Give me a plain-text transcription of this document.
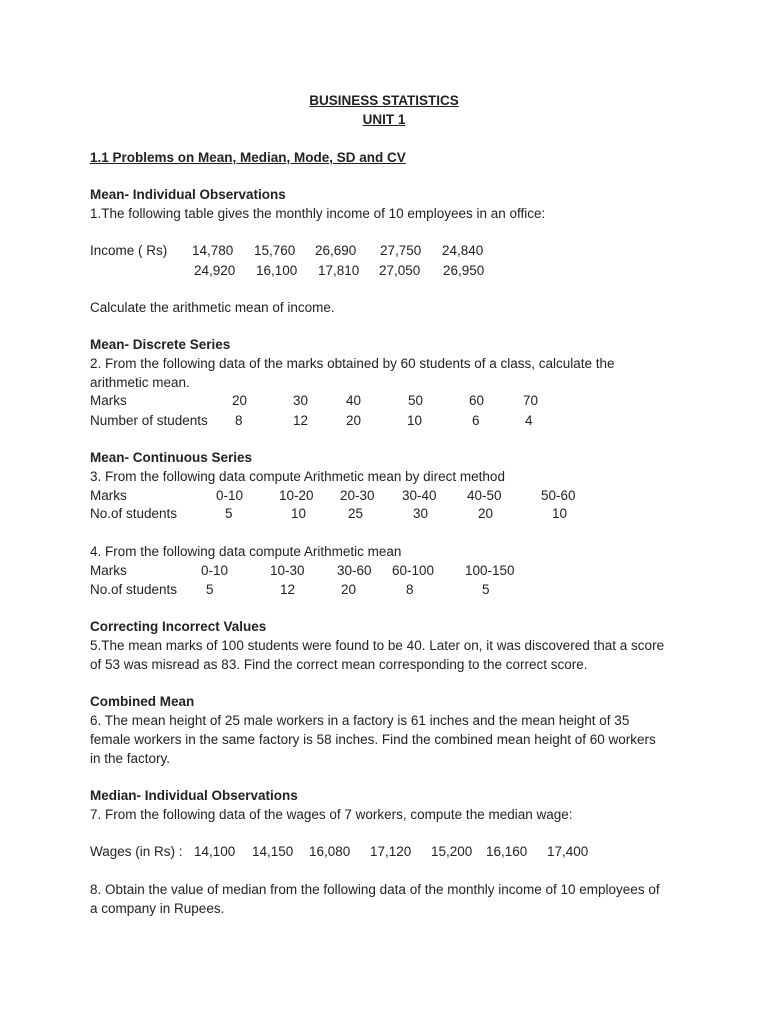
BUSINESS STATISTICS
UNIT 1
1.1 Problems on Mean, Median, Mode, SD and CV
Mean- Individual Observations
1.The following table gives the monthly income of 10 employees in an office:
Income ( Rs) 14,780 15,760 26,690 27,750 24,840
24,920 16,100 17,810 27,050 26,950
Calculate the arithmetic mean of income.
Mean- Discrete Series
2. From the following data of the marks obtained by 60 students of a class, calculate the
arithmetic mean.
Marks	20	30	40	50	60	70
Number of students 8	12	20	10	6	4
Mean- Continuous Series
3. From the following data compute Arithmetic mean by direct method
Marks	0-10	10-20 20-30 30-40 40-50	50-60
No.of students	5	10	25	30	20	10
4. From the following data compute Arithmetic mean
Marks	0-10	10-30 30-60 60-100 100-150
No.of students 5	12	20	8	5
Correcting Incorrect Values
5.The mean marks of 100 students were found to be 40. Later on, it was discovered that a score
of 53 was misread as 83. Find the correct mean corresponding to the correct score.
Combined Mean
6. The mean height of 25 male workers in a factory is 61 inches and the mean height of 35
female workers in the same factory is 58 inches. Find the combined mean height of 60 workers
in the factory.
Median- Individual Observations
7. From the following data of the wages of 7 workers, compute the median wage:
Wages (in Rs) : 14,100 14,150 16,080 17,120 15,200 16,160 17,400
8. Obtain the value of median from the following data of the monthly income of 10 employees of
a company in Rupees.
